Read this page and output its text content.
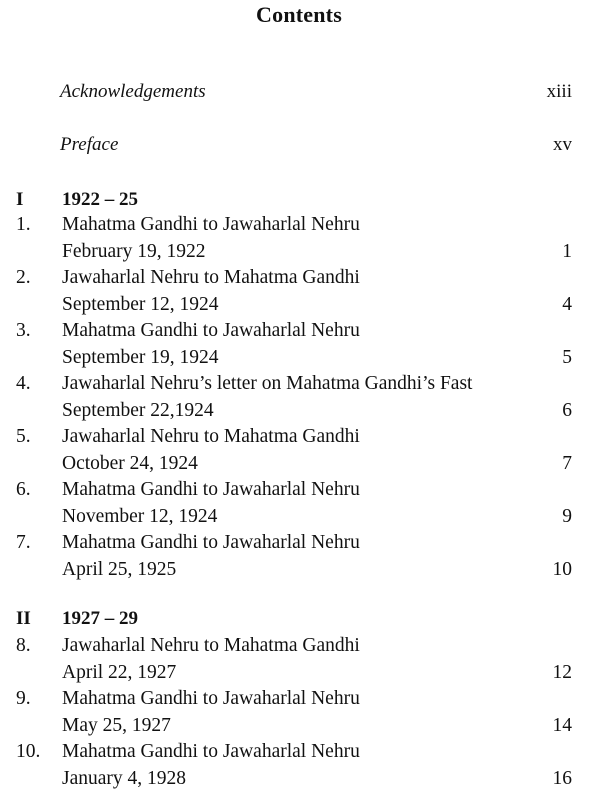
Contents
Acknowledgements	xiii
Preface	xv
I 1922 – 25
1. Mahatma Gandhi to Jawaharlal Nehru
February 19, 1922	1
2. Jawaharlal Nehru to Mahatma Gandhi
September 12, 1924	4
3. Mahatma Gandhi to Jawaharlal Nehru
September 19, 1924	5
4. Jawaharlal Nehru’s letter on Mahatma Gandhi’s Fast
September 22,1924	6
5. Jawaharlal Nehru to Mahatma Gandhi
October 24, 1924	7
6. Mahatma Gandhi to Jawaharlal Nehru
November 12, 1924	9
7. Mahatma Gandhi to Jawaharlal Nehru
April 25, 1925	10
II 1927 – 29
8. Jawaharlal Nehru to Mahatma Gandhi
April 22, 1927	12
9. Mahatma Gandhi to Jawaharlal Nehru
May 25, 1927	14
10. Mahatma Gandhi to Jawaharlal Nehru
January 4, 1928	16
